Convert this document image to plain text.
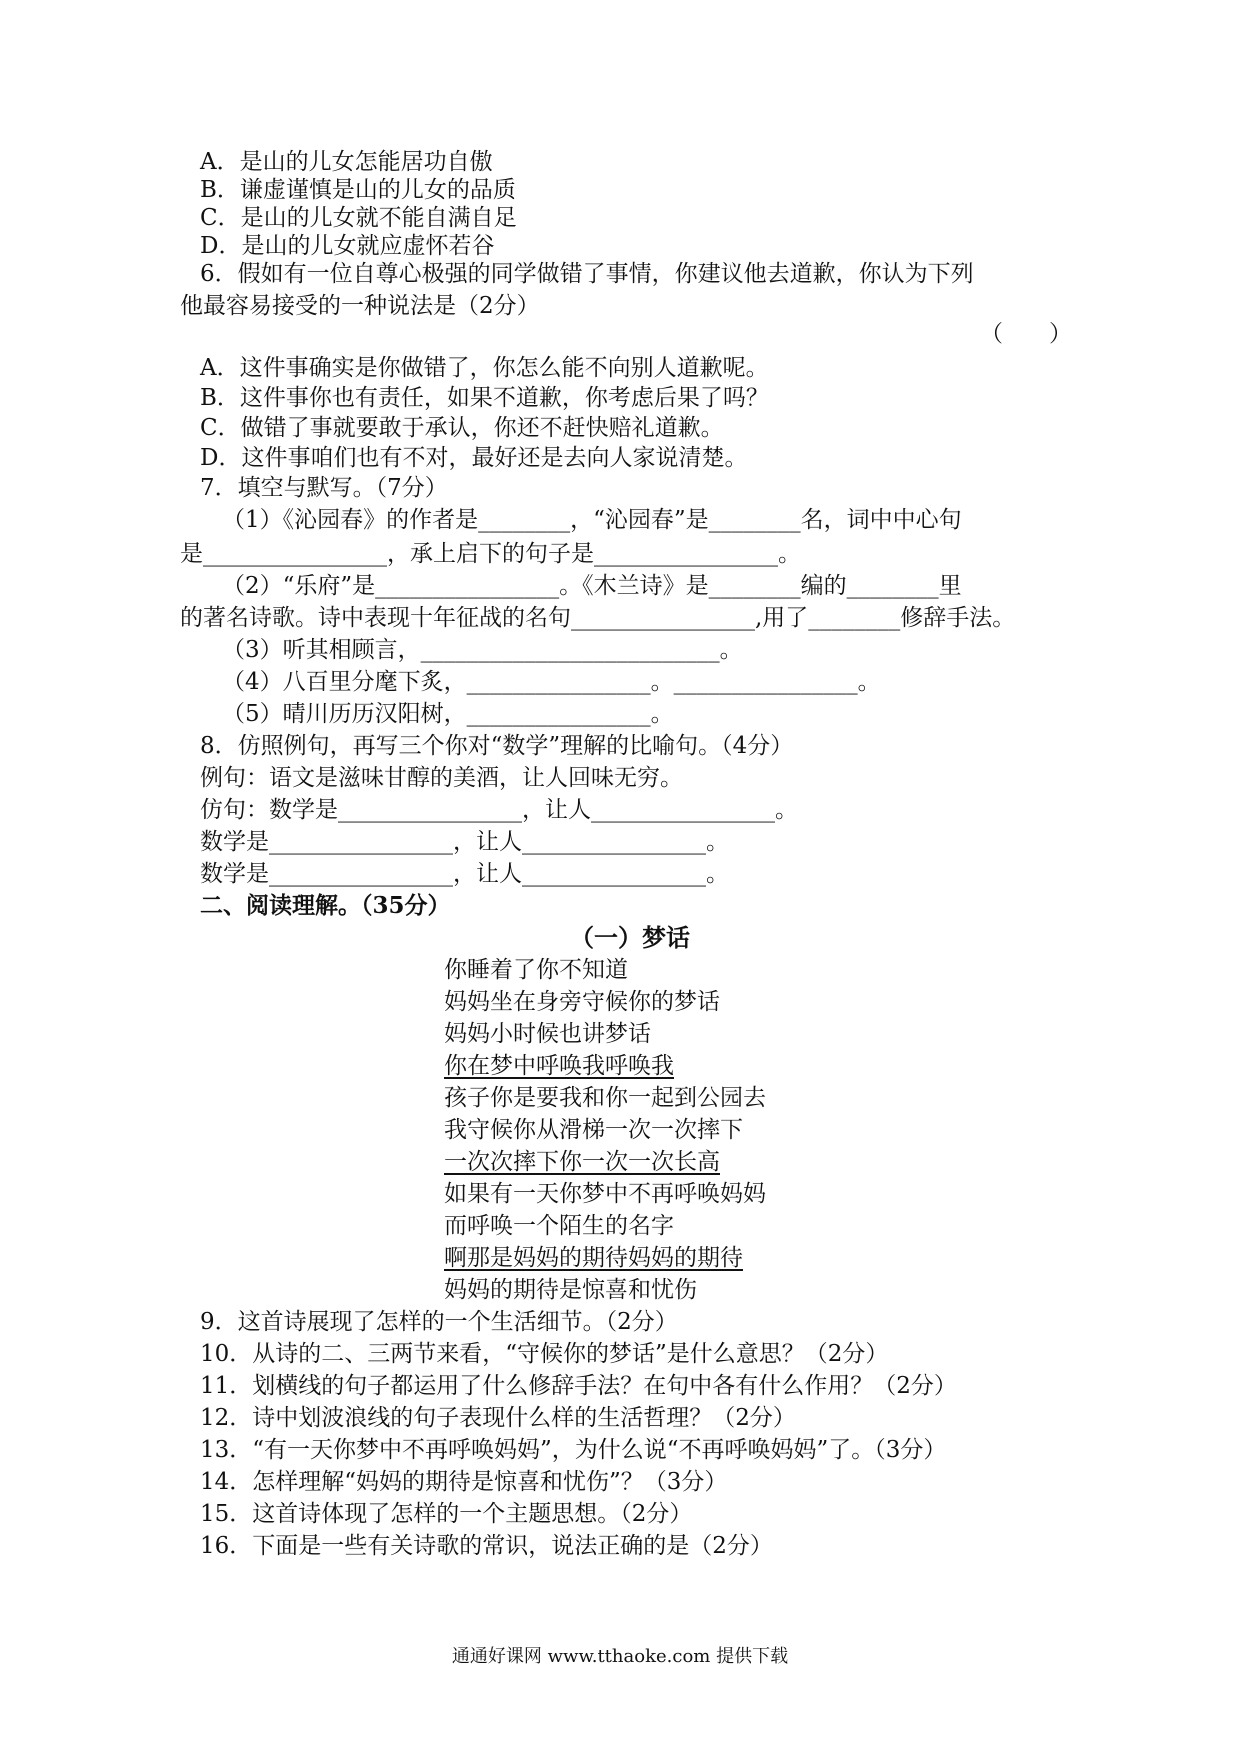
A．是山的儿女怎能居功自傲
B．谦虚谨慎是山的儿女的品质
C．是山的儿女就不能自满自足
D．是山的儿女就应虚怀若谷
6．假如有一位自尊心极强的同学做错了事情，你建议他去道歉，你认为下列
他最容易接受的一种说法是（2分）
（　　）
A．这件事确实是你做错了，你怎么能不向别人道歉呢。
B．这件事你也有责任，如果不道歉，你考虑后果了吗？
C．做错了事就要敢于承认，你还不赶快赔礼道歉。
D．这件事咱们也有不对，最好还是去向人家说清楚。
7．填空与默写。（7分）
（1）《沁园春》的作者是________，“沁园春”是________名，词中中心句
是________________，承上启下的句子是________________。
（2）“乐府”是________________。《木兰诗》是________编的________里
的著名诗歌。诗中表现十年征战的名句________________,用了________修辞手法。
（3）听其相顾言，__________________________。
（4）八百里分麾下炙，________________。________________。
（5）晴川历历汉阳树，________________。
8．仿照例句，再写三个你对“数学”理解的比喻句。（4分）
例句：语文是滋味甘醇的美酒，让人回味无穷。
仿句：数学是________________，让人________________。
数学是________________，让人________________。
数学是________________，让人________________。
二、阅读理解。（35分）
（一）梦话
你睡着了你不知道
妈妈坐在身旁守候你的梦话
妈妈小时候也讲梦话
你在梦中呼唤我呼唤我
孩子你是要我和你一起到公园去
我守候你从滑梯一次一次摔下
一次次摔下你一次一次长高
如果有一天你梦中不再呼唤妈妈
而呼唤一个陌生的名字
啊那是妈妈的期待妈妈的期待
妈妈的期待是惊喜和忧伤
9．这首诗展现了怎样的一个生活细节。（2分）
10．从诗的二、三两节来看，“守候你的梦话”是什么意思？（2分）
11．划横线的句子都运用了什么修辞手法？在句中各有什么作用？（2分）
12．诗中划波浪线的句子表现什么样的生活哲理？（2分）
13．“有一天你梦中不再呼唤妈妈”，为什么说“不再呼唤妈妈”了。（3分）
14．怎样理解“妈妈的期待是惊喜和忧伤”？（3分）
15．这首诗体现了怎样的一个主题思想。（2分）
16．下面是一些有关诗歌的常识，说法正确的是（2分）
通通好课网 www.tthaoke.com 提供下载
